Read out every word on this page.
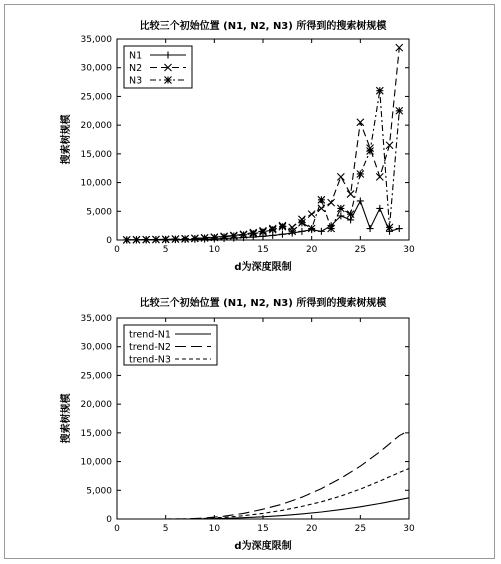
比较三个初始位置 (N1, N2, N3) 所得到的搜索树规模
0	5	10	15	20	25	30
0
5,000
10,000
15,000
20,000
25,000
30,000
35,000
d为深度限制
搜索树规模
N1
N2
N3
比较三个初始位置 (N1, N2, N3) 所得到的搜索树规模
0	5	10	15	20	25	30
0
5,000
10,000
15,000
20,000
25,000
30,000
35,000
d为深度限制
搜索树规模
trend-N1
trend-N2
trend-N3
